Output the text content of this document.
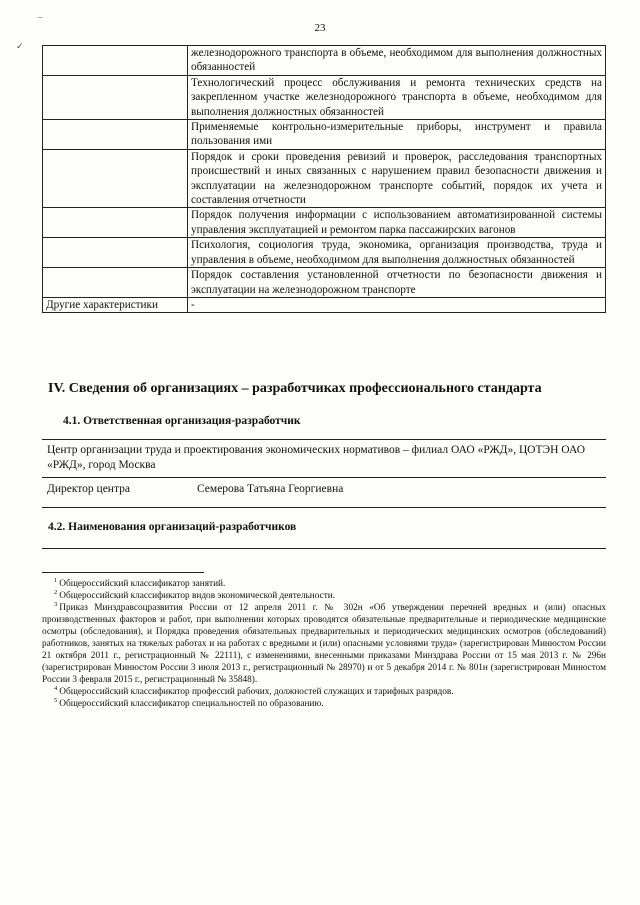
–
✓
23
	железнодорожного транспорта в объеме, необходимом для выполнения должностных обязанностей
	Технологический процесс обслуживания и ремонта технических средств на закрепленном участке железнодорожного транспорта в объеме, необходимом для выполнения должностных обязанностей
	Применяемые контрольно-измерительные приборы, инструмент и правила пользования ими
	Порядок и сроки проведения ревизий и проверок, расследования транспортных происшествий и иных связанных с нарушением правил безопасности движения и эксплуатации на железнодорожном транспорте событий, порядок их учета и составления отчетности
	Порядок получения информации с использованием автоматизированной системы управления эксплуатацией и ремонтом парка пассажирских вагонов
	Психология, социология труда, экономика, организация производства, труда и управления в объеме, необходимом для выполнения должностных обязанностей
	Порядок составления установленной отчетности по безопасности движения и эксплуатации на железнодорожном транспорте
Другие характеристики	-
IV. Сведения об организациях – разработчиках профессионального стандарта
4.1. Ответственная организация-разработчик
Центр организации труда и проектирования экономических нормативов – филиал ОАО «РЖД», ЦОТЭН ОАО «РЖД», город Москва
Директор центра	Семерова Татьяна Георгиевна
4.2. Наименования организаций-разработчиков
$^1$ Общероссийский классификатор занятий.
$^2$ Общероссийский классификатор видов экономической деятельности.
$^3$ Приказ Минздравсоцразвития России от 12 апреля 2011 г. № 302н «Об утверждении перечней вредных и (или) опасных производственных факторов и работ, при выполнении которых проводятся обязательные предварительные и периодические медицинские осмотры (обследования), и Порядка проведения обязательных предварительных и периодических медицинских осмотров (обследований) работников, занятых на тяжелых работах и на работах с вредными и (или) опасными условиями труда» (зарегистрирован Минюстом России 21 октября 2011 г., регистрационный № 22111), с изменениями, внесенными приказами Минздрава России от 15 мая 2013 г. № 296н (зарегистрирован Минюстом России 3 июля 2013 г., регистрационный № 28970) и от 5 декабря 2014 г. № 801н (зарегистрирован Минюстом России 3 февраля 2015 г., регистрационный № 35848).
$^4$ Общероссийский классификатор профессий рабочих, должностей служащих и тарифных разрядов.
$^5$ Общероссийский классификатор специальностей по образованию.
